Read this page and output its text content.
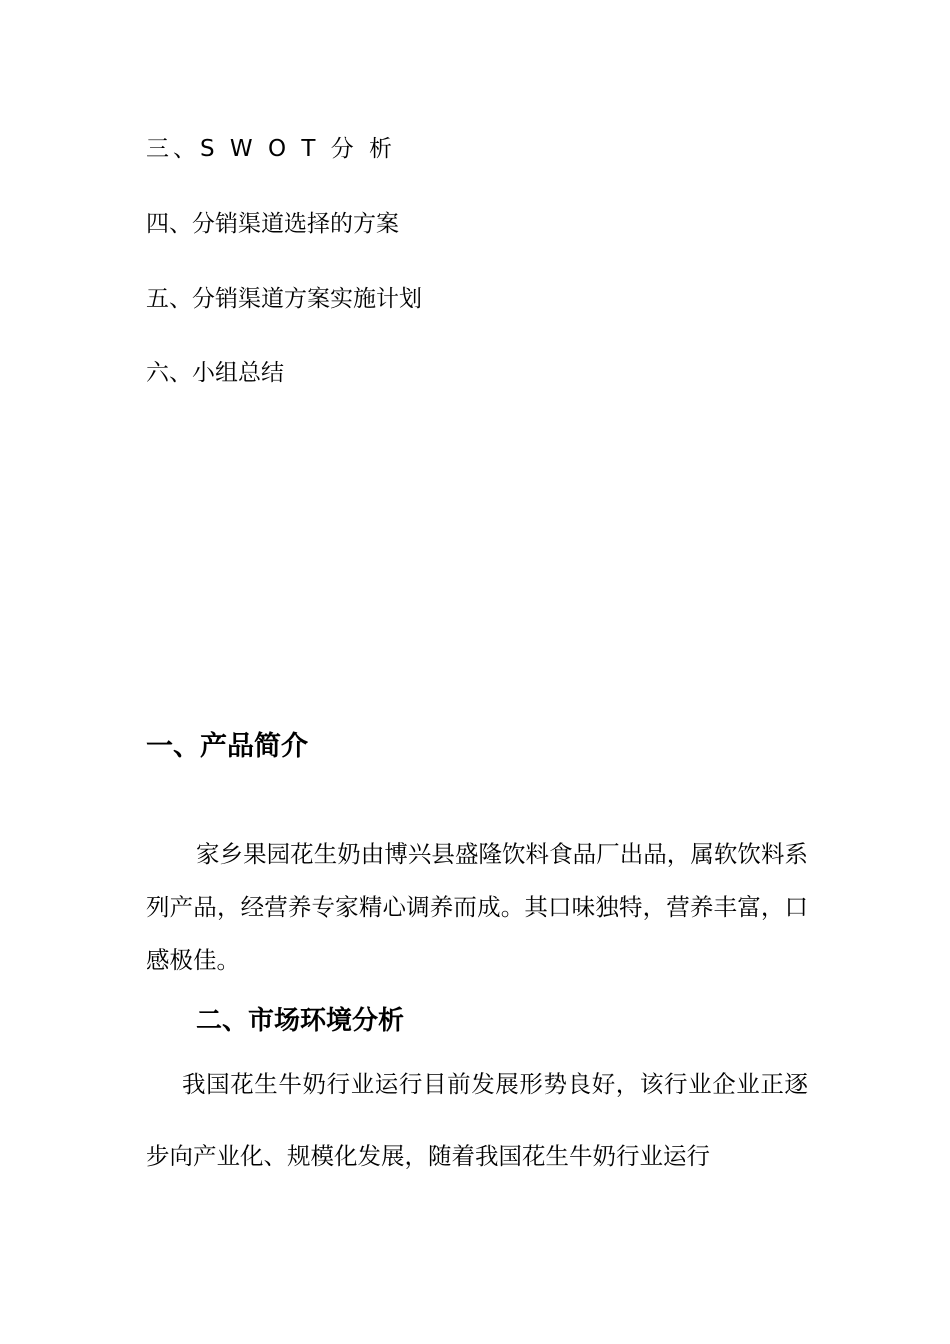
三、S W O T 分 析
四、分销渠道选择的方案
五、分销渠道方案实施计划
六、小组总结
一、产品简介

家乡果园花生奶由博兴县盛隆饮料食品厂出品，属软饮料系列产品，经营养专家精心调养而成。其口味独特，营养丰富，口感极佳。

二、市场环境分析

我国花生牛奶行业运行目前发展形势良好，该行业企业正逐步向产业化、规模化发展，随着我国花生牛奶行业运行
